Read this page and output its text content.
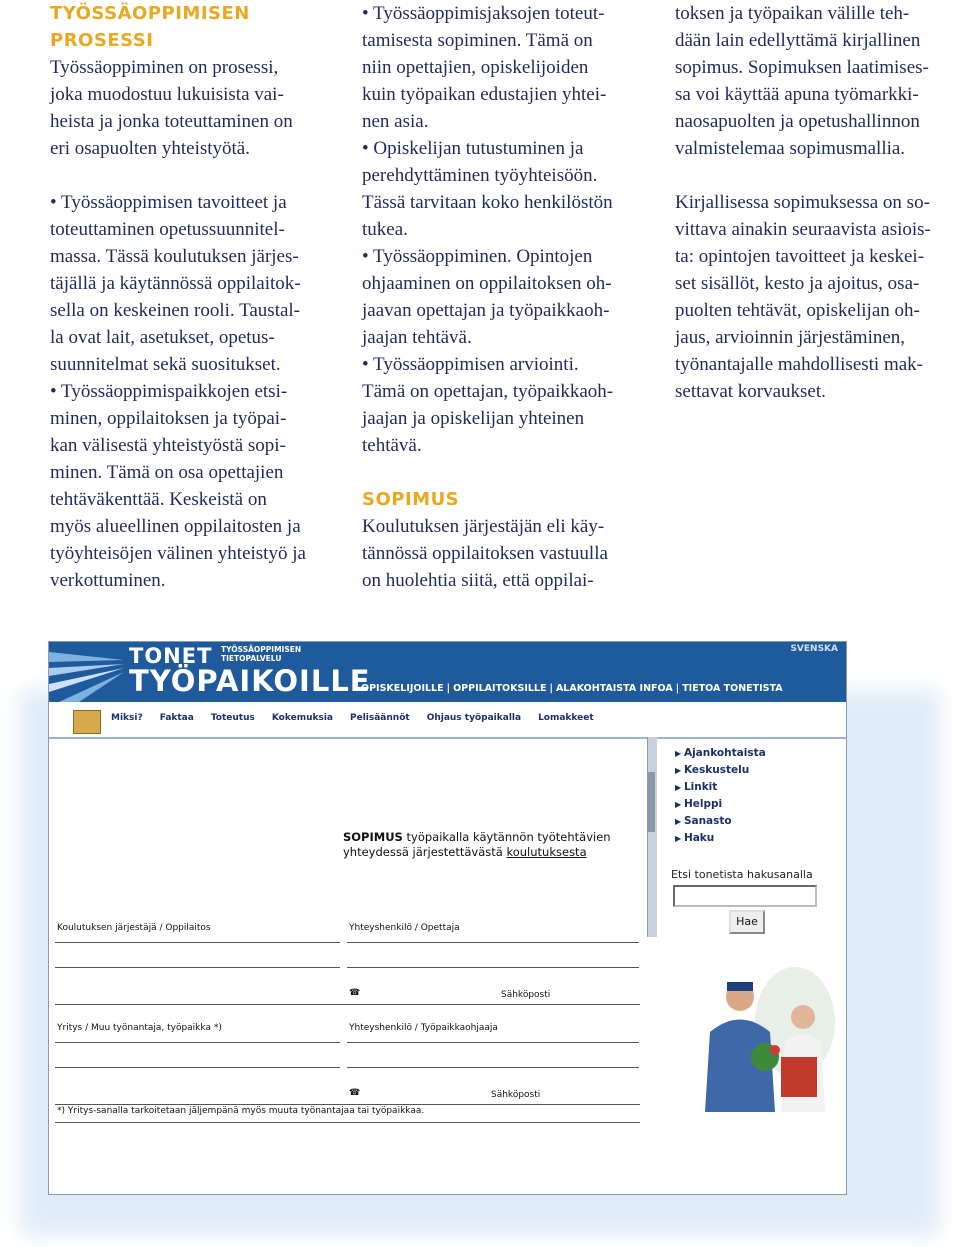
TYÖSSÄOPPIMISEN PROSESSI

Työssäoppiminen on prosessi,

joka muodostuu lukuisista vai-

heista ja jonka toteuttaminen on

eri osapuolten yhteistyötä.

• Työssäoppimisen tavoitteet ja

toteuttaminen opetussuunnitel-

massa. Tässä koulutuksen järjes-

täjällä ja käytännössä oppilaitok-

sella on keskeinen rooli. Taustal-

la ovat lait, asetukset, opetus-

suunnitelmat sekä suositukset.

• Työssäoppimispaikkojen etsi-

minen, oppilaitoksen ja työpai-

kan välisestä yhteistyöstä sopi-

minen. Tämä on osa opettajien

tehtäväkenttää. Keskeistä on

myös alueellinen oppilaitosten ja

työyhteisöjen välinen yhteistyö ja

verkottuminen.

• Työssäoppimisjaksojen toteut-

tamisesta sopiminen. Tämä on

niin opettajien, opiskelijoiden

kuin työpaikan edustajien yhtei-

nen asia.

• Opiskelijan tutustuminen ja

perehdyttäminen työyhteisöön.

Tässä tarvitaan koko henkilöstön

tukea.

• Työssäoppiminen. Opintojen

ohjaaminen on oppilaitoksen oh-

jaavan opettajan ja työpaikkaoh-

jaajan tehtävä.

• Työssäoppimisen arviointi.

Tämä on opettajan, työpaikkaoh-

jaajan ja opiskelijan yhteinen

tehtävä.

SOPIMUS

Koulutuksen järjestäjän eli käy-

tännössä oppilaitoksen vastuulla

on huolehtia siitä, että oppilai-

toksen ja työpaikan välille teh-

dään lain edellyttämä kirjallinen

sopimus. Sopimuksen laatimises-

sa voi käyttää apuna työmarkki-

naosapuolten ja opetushallinnon

valmistelemaa sopimusmallia.

Kirjallisessa sopimuksessa on so-

vittava ainakin seuraavista asiois-

ta: opintojen tavoitteet ja keskei-

set sisällöt, kesto ja ajoitus, osa-

puolten tehtävät, opiskelijan oh-

jaus, arvioinnin järjestäminen,

työnantajalle mahdollisesti mak-

settavat korvaukset.

TONET TYÖSSÄOPPIMISEN TIETOPALVELU
TYÖPAIKOILLE
SVENSKA
OPISKELIJOILLE | OPPILAITOKSILLE | ALAKOHTAISTA INFOA | TIETOA TONETISTA
Miksi? Faktaa Toteutus Kokemuksia Pelisäännöt Ohjaus työpaikalla Lomakkeet
▶ Ajankohtaista
▶ Keskustelu
▶ Linkit
▶ Helppi
▶ Sanasto
▶ Haku
Etsi tonetista hakusanalla
Hae
SOPIMUS työpaikalla käytännön työtehtävien yhteydessä järjestettävästä koulutuksesta
Koulutuksen järjestäjä / Oppilaitos	Yhteyshenkilö / Opettaja
☎	Sähköposti
Yritys / Muu työnantaja, työpaikka *)	Yhteyshenkilö / Työpaikkaohjaaja
☎	Sähköposti
*) Yritys-sanalla tarkoitetaan jäljempänä myös muuta työnantajaa tai työpaikkaa.
